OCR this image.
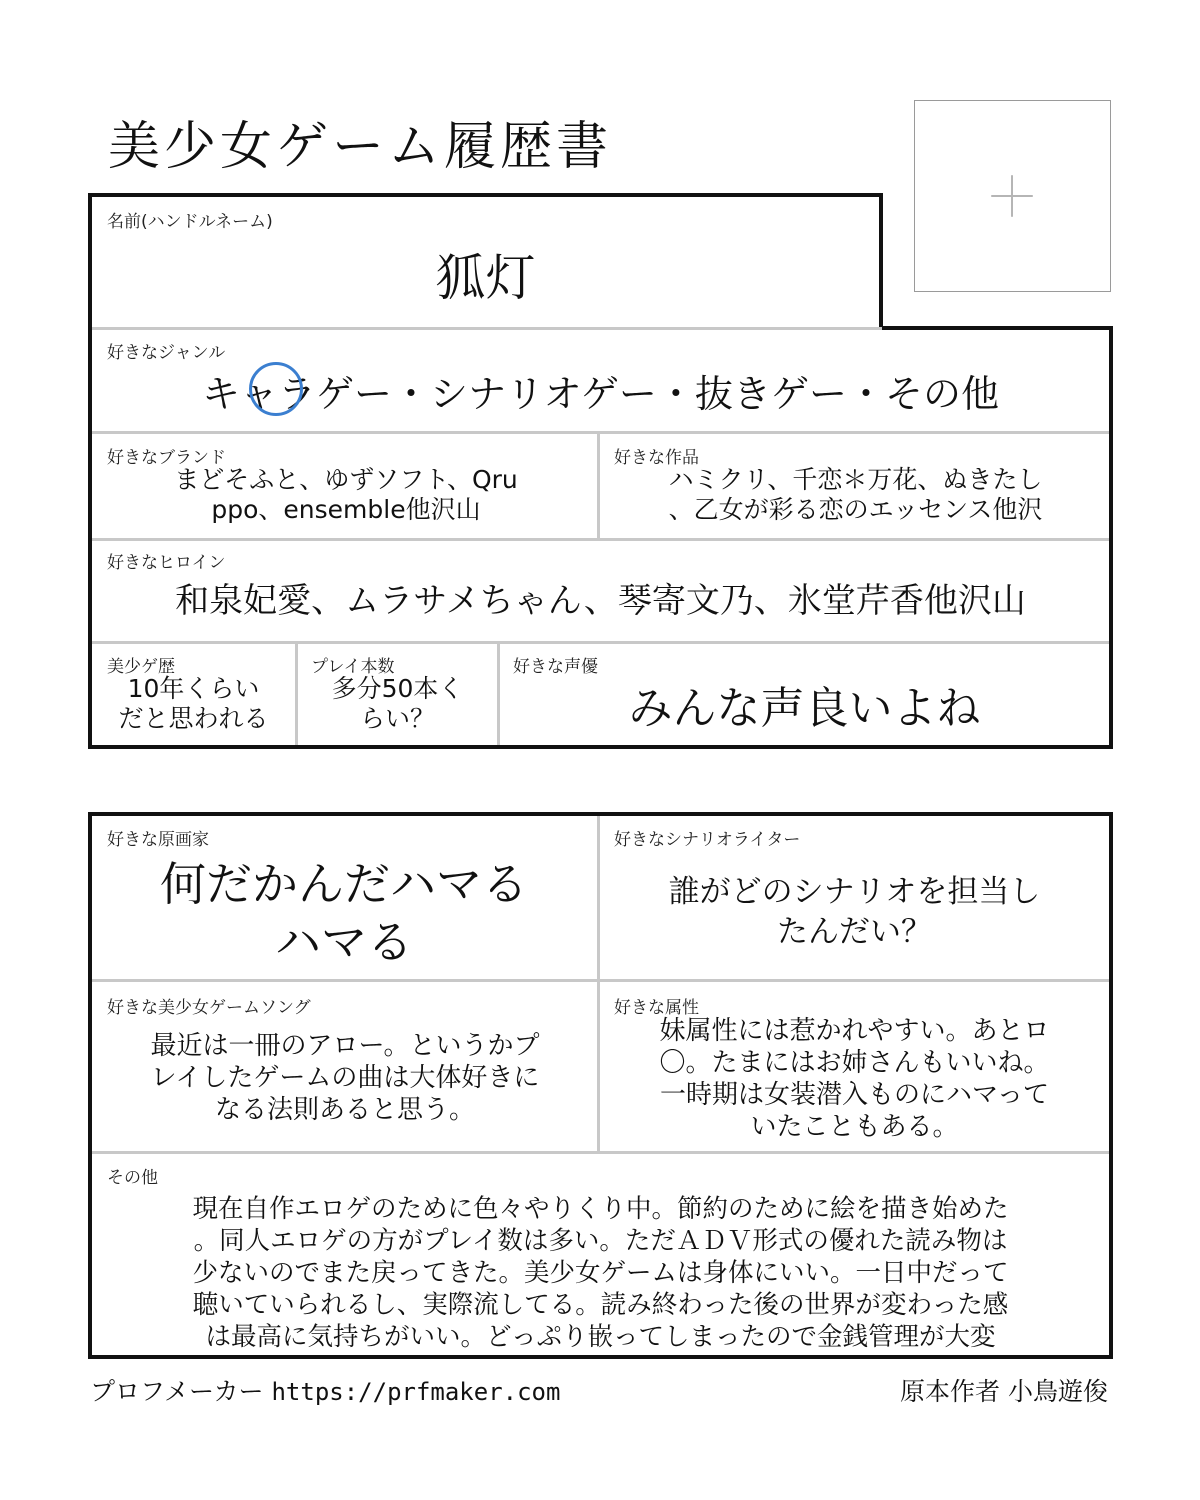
美少女ゲーム履歴書
名前(ハンドルネーム)
狐灯
好きなジャンル
キャラゲー・シナリオゲー・抜きゲー・その他
好きなブランド
まどそふと、ゆずソフト、Qru
ppo、ensemble他沢山
好きな作品
ハミクリ、千恋＊万花、ぬきたし
、乙女が彩る恋のエッセンス他沢
好きなヒロイン
和泉妃愛、ムラサメちゃん、琴寄文乃、氷堂芹香他沢山
美少ゲ歴
10年くらい
だと思われる
プレイ本数
多分50本く
らい？
好きな声優
みんな声良いよね
好きな原画家
何だかんだハマる
ハマる
好きなシナリオライター
誰がどのシナリオを担当し
たんだい？
好きな美少女ゲームソング
最近は一冊のアロー。というかプ
レイしたゲームの曲は大体好きに
なる法則あると思う。
好きな属性
妹属性には惹かれやすい。あとロ
〇。たまにはお姉さんもいいね。
一時期は女装潜入ものにハマって
いたこともある。
その他
現在自作エロゲのために色々やりくり中。節約のために絵を描き始めた
。同人エロゲの方がプレイ数は多い。ただＡＤＶ形式の優れた読み物は
少ないのでまた戻ってきた。美少女ゲームは身体にいい。一日中だって
聴いていられるし、実際流してる。読み終わった後の世界が変わった感
は最高に気持ちがいい。どっぷり嵌ってしまったので金銭管理が大変
プロフメーカー https://prfmaker.com	原本作者 小鳥遊俊
